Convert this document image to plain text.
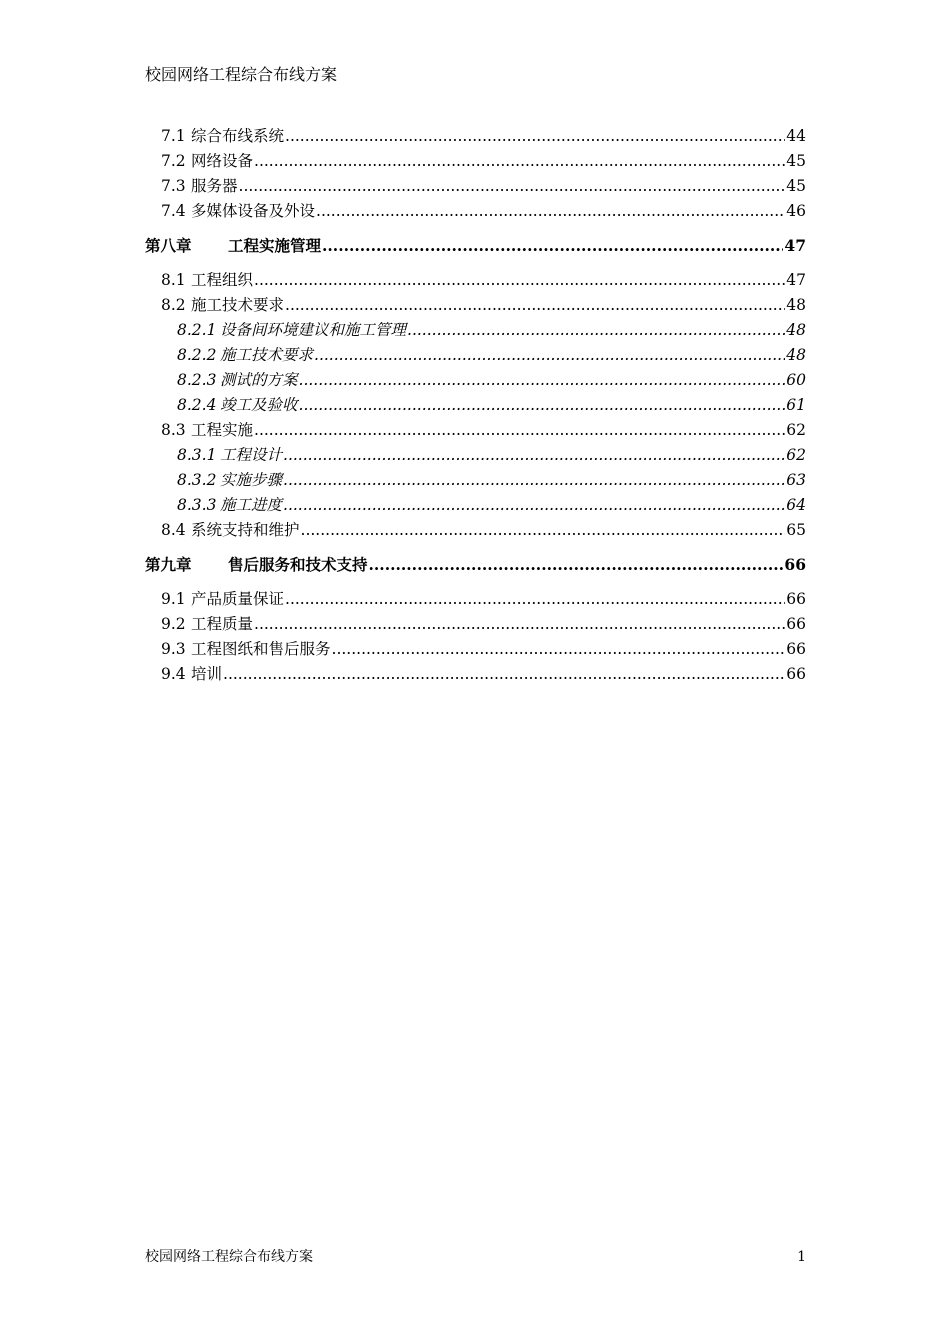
校园网络工程综合布线方案
7.1 综合布线系统 .....	44
7.2 网络设备 .....	45
7.3 服务器 .....	45
7.4 多媒体设备及外设 .....	46
第八章	工程实施管理 .....	47
8.1 工程组织 .....	47
8.2 施工技术要求 .....	48
8.2.1 设备间环境建议和施工管理 .....	48
8.2.2 施工技术要求 .....	48
8.2.3 测试的方案 .....	60
8.2.4 竣工及验收 .....	61
8.3 工程实施 .....	62
8.3.1 工程设计 .....	62
8.3.2 实施步骤 .....	63
8.3.3 施工进度 .....	64
8.4 系统支持和维护 .....	65
第九章	售后服务和技术支持 .....	66
9.1 产品质量保证 .....	66
9.2 工程质量 .....	66
9.3 工程图纸和售后服务 .....	66
9.4 培训 .....	66
校园网络工程综合布线方案	1
